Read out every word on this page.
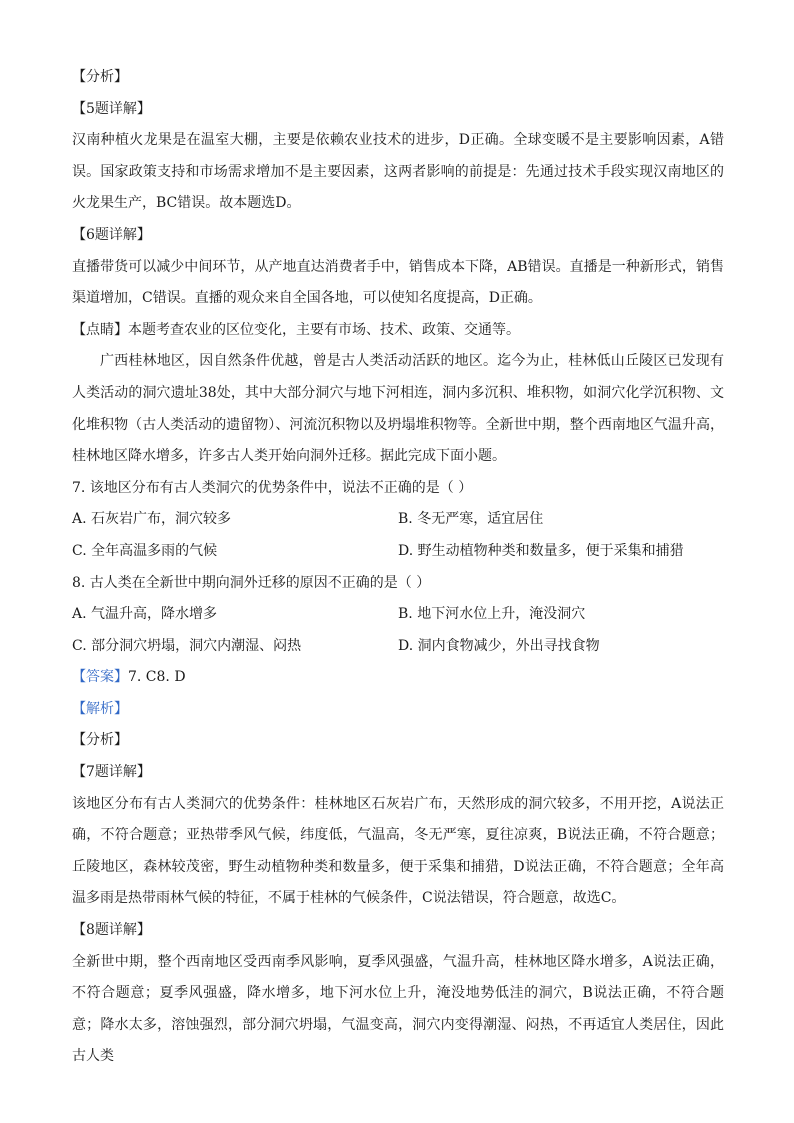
【分析】
【5题详解】
汉南种植火龙果是在温室大棚，主要是依赖农业技术的进步，D正确。全球变暖不是主要影响因素，A错误。国家政策支持和市场需求增加不是主要因素，这两者影响的前提是：先通过技术手段实现汉南地区的火龙果生产，BC错误。故本题选D。
【6题详解】
直播带货可以减少中间环节，从产地直达消费者手中，销售成本下降，AB错误。直播是一种新形式，销售渠道增加，C错误。直播的观众来自全国各地，可以使知名度提高，D正确。
【点睛】本题考查农业的区位变化，主要有市场、技术、政策、交通等。
广西桂林地区，因自然条件优越，曾是古人类活动活跃的地区。迄今为止，桂林低山丘陵区已发现有人类活动的洞穴遗址38处，其中大部分洞穴与地下河相连，洞内多沉积、堆积物，如洞穴化学沉积物、文化堆积物（古人类活动的遗留物）、河流沉积物以及坍塌堆积物等。全新世中期，整个西南地区气温升高，桂林地区降水增多，许多古人类开始向洞外迁移。据此完成下面小题。
7. 该地区分布有古人类洞穴的优势条件中，说法不正确的是（ ）
A. 石灰岩广布，洞穴较多	B. 冬无严寒，适宜居住
C. 全年高温多雨的气候	D. 野生动植物种类和数量多，便于采集和捕猎
8. 古人类在全新世中期向洞外迁移的原因不正确的是（ ）
A. 气温升高，降水增多	B. 地下河水位上升，淹没洞穴
C. 部分洞穴坍塌，洞穴内潮湿、闷热	D. 洞内食物减少，外出寻找食物
【答案】7. C8. D
【解析】
【分析】
【7题详解】
该地区分布有古人类洞穴的优势条件：桂林地区石灰岩广布，天然形成的洞穴较多，不用开挖，A说法正确，不符合题意；亚热带季风气候，纬度低，气温高，冬无严寒，夏往凉爽，B说法正确，不符合题意；丘陵地区，森林较茂密，野生动植物种类和数量多，便于采集和捕猎，D说法正确，不符合题意；全年高温多雨是热带雨林气候的特征，不属于桂林的气候条件，C说法错误，符合题意，故选C。
【8题详解】
全新世中期，整个西南地区受西南季风影响，夏季风强盛，气温升高，桂林地区降水增多，A说法正确，不符合题意；夏季风强盛，降水增多，地下河水位上升，淹没地势低洼的洞穴，B说法正确，不符合题意；降水太多，溶蚀强烈，部分洞穴坍塌，气温变高，洞穴内变得潮湿、闷热，不再适宜人类居住，因此古人类
